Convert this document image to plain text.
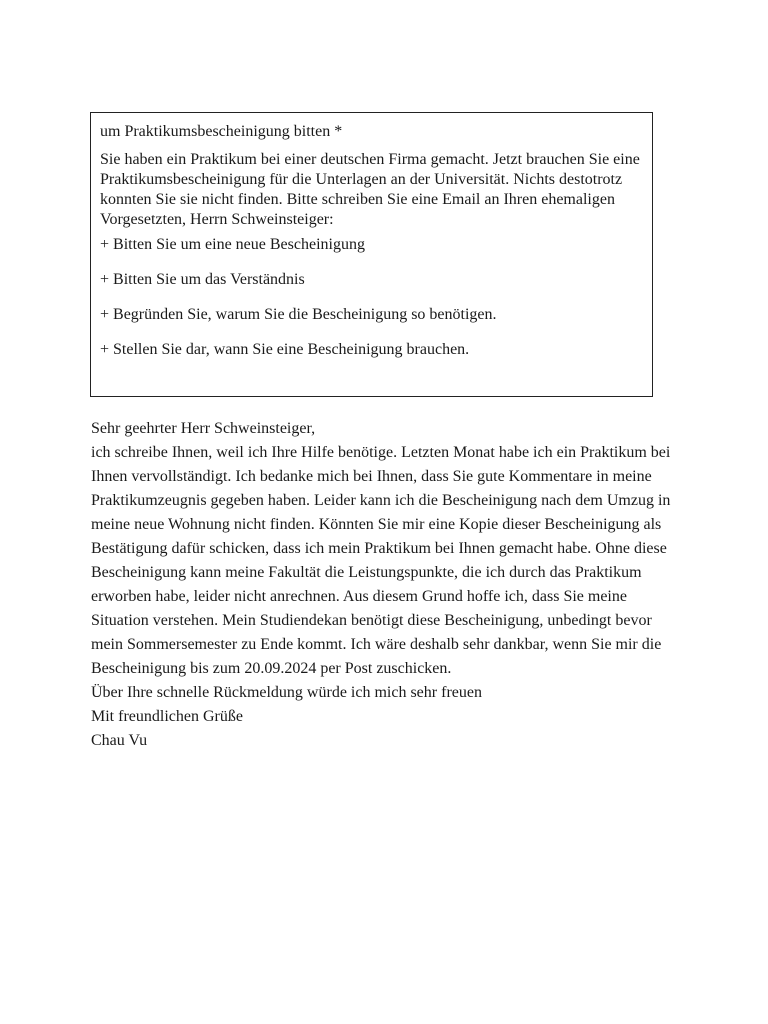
um Praktikumsbescheinigung bitten *
Sie haben ein Praktikum bei einer deutschen Firma gemacht. Jetzt brauchen Sie eine Praktikumsbescheinigung für die Unterlagen an der Universität. Nichts destotrotz konnten Sie sie nicht finden. Bitte schreiben Sie eine Email an Ihren ehemaligen Vorgesetzten, Herrn Schweinsteiger:
+ Bitten Sie um eine neue Bescheinigung
+ Bitten Sie um das Verständnis
+ Begründen Sie, warum Sie die Bescheinigung so benötigen.
+ Stellen Sie dar, wann Sie eine Bescheinigung brauchen.

Sehr geehrter Herr Schweinsteiger,

ich schreibe Ihnen, weil ich Ihre Hilfe benötige. Letzten Monat habe ich ein Praktikum bei Ihnen vervollständigt. Ich bedanke mich bei Ihnen, dass Sie gute Kommentare in meine Praktikumzeugnis gegeben haben. Leider kann ich die Bescheinigung nach dem Umzug in meine neue Wohnung nicht finden. Könnten Sie mir eine Kopie dieser Bescheinigung als Bestätigung dafür schicken, dass ich mein Praktikum bei Ihnen gemacht habe. Ohne diese Bescheinigung kann meine Fakultät die Leistungspunkte, die ich durch das Praktikum erworben habe, leider nicht anrechnen. Aus diesem Grund hoffe ich, dass Sie meine Situation verstehen. Mein Studiendekan benötigt diese Bescheinigung, unbedingt bevor mein Sommersemester zu Ende kommt. Ich wäre deshalb sehr dankbar, wenn Sie mir die Bescheinigung bis zum 20.09.2024 per Post zuschicken.

Über Ihre schnelle Rückmeldung würde ich mich sehr freuen

Mit freundlichen Grüße

Chau Vu
